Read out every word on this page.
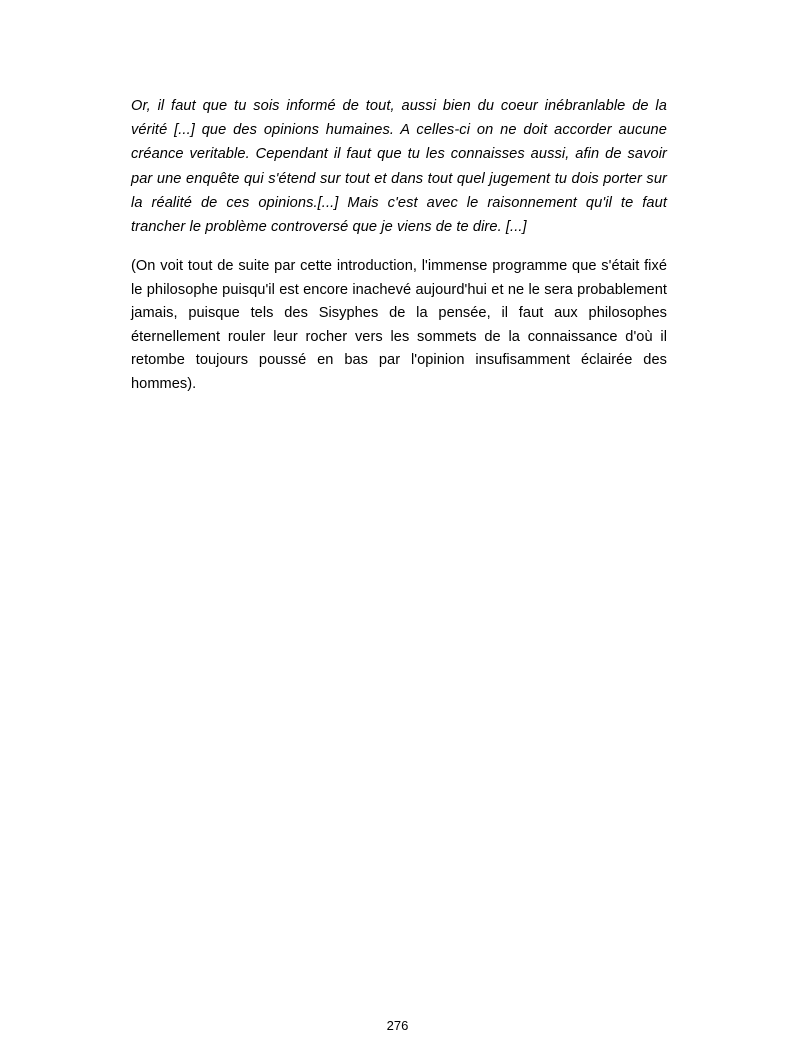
Or, il faut que tu sois informé de tout, aussi bien du coeur inébranlable de la vérité [...] que des opinions humaines. A celles-ci on ne doit accorder aucune créance veritable. Cependant il faut que tu les connaisses aussi, afin de savoir par une enquête qui s'étend sur tout et dans tout quel jugement tu dois porter sur la réalité de ces opinions.[...] Mais c'est avec le raisonnement qu'il te faut trancher le problème controversé que je viens de te dire. [...]

(On voit tout de suite par cette introduction, l'immense programme que s'était fixé le philosophe puisqu'il est encore inachevé aujourd'hui et ne le sera probablement jamais, puisque tels des Sisyphes de la pensée, il faut aux philosophes éternellement rouler leur rocher vers les sommets de la connaissance d'où il retombe toujours poussé en bas par l'opinion insufisamment éclairée des hommes).

276
